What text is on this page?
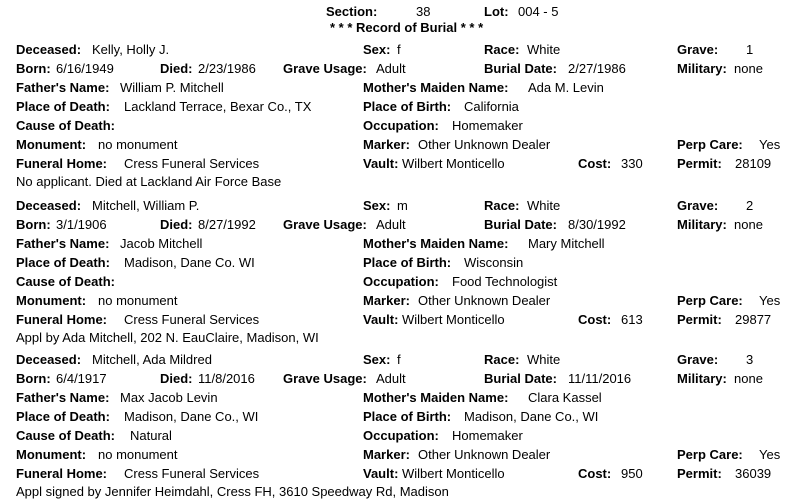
Section:	38	Lot: 004 - 5
* * * Record of Burial * * *
Deceased: Kelly, Holly J.	Sex: f	Race: White	Grave: 1
Born: 6/16/1949	Died: 2/23/1986	Grave Usage: Adult	Burial Date: 2/27/1986	Military: none
Father's Name: William P. Mitchell	Mother's Maiden Name: Ada M. Levin
Place of Death: Lackland Terrace, Bexar Co., TX	Place of Birth: California
Cause of Death:	Occupation: Homemaker
Monument: no monument	Marker: Other Unknown Dealer	Perp Care: Yes
Funeral Home: Cress Funeral Services	Vault: Wilbert Monticello	Cost: 330	Permit: 28109
No applicant. Died at Lackland Air Force Base
Deceased: Mitchell, William P.	Sex: m	Race: White	Grave: 2
Born: 3/1/1906	Died: 8/27/1992	Grave Usage: Adult	Burial Date: 8/30/1992	Military: none
Father's Name: Jacob Mitchell	Mother's Maiden Name: Mary Mitchell
Place of Death: Madison, Dane Co. WI	Place of Birth: Wisconsin
Cause of Death:	Occupation: Food Technologist
Monument: no monument	Marker: Other Unknown Dealer	Perp Care: Yes
Funeral Home: Cress Funeral Services	Vault: Wilbert Monticello	Cost: 613	Permit: 29877
Appl by Ada Mitchell, 202 N. EauClaire, Madison, WI
Deceased: Mitchell, Ada Mildred	Sex: f	Race: White	Grave: 3
Born: 6/4/1917	Died: 11/8/2016	Grave Usage: Adult	Burial Date: 11/11/2016	Military: none
Father's Name: Max Jacob Levin	Mother's Maiden Name: Clara Kassel
Place of Death: Madison, Dane Co., WI	Place of Birth: Madison, Dane Co., WI
Cause of Death: Natural	Occupation: Homemaker
Monument: no monument	Marker: Other Unknown Dealer	Perp Care: Yes
Funeral Home: Cress Funeral Services	Vault: Wilbert Monticello	Cost: 950	Permit: 36039
Appl signed by Jennifer Heimdahl, Cress FH, 3610 Speedway Rd, Madison
